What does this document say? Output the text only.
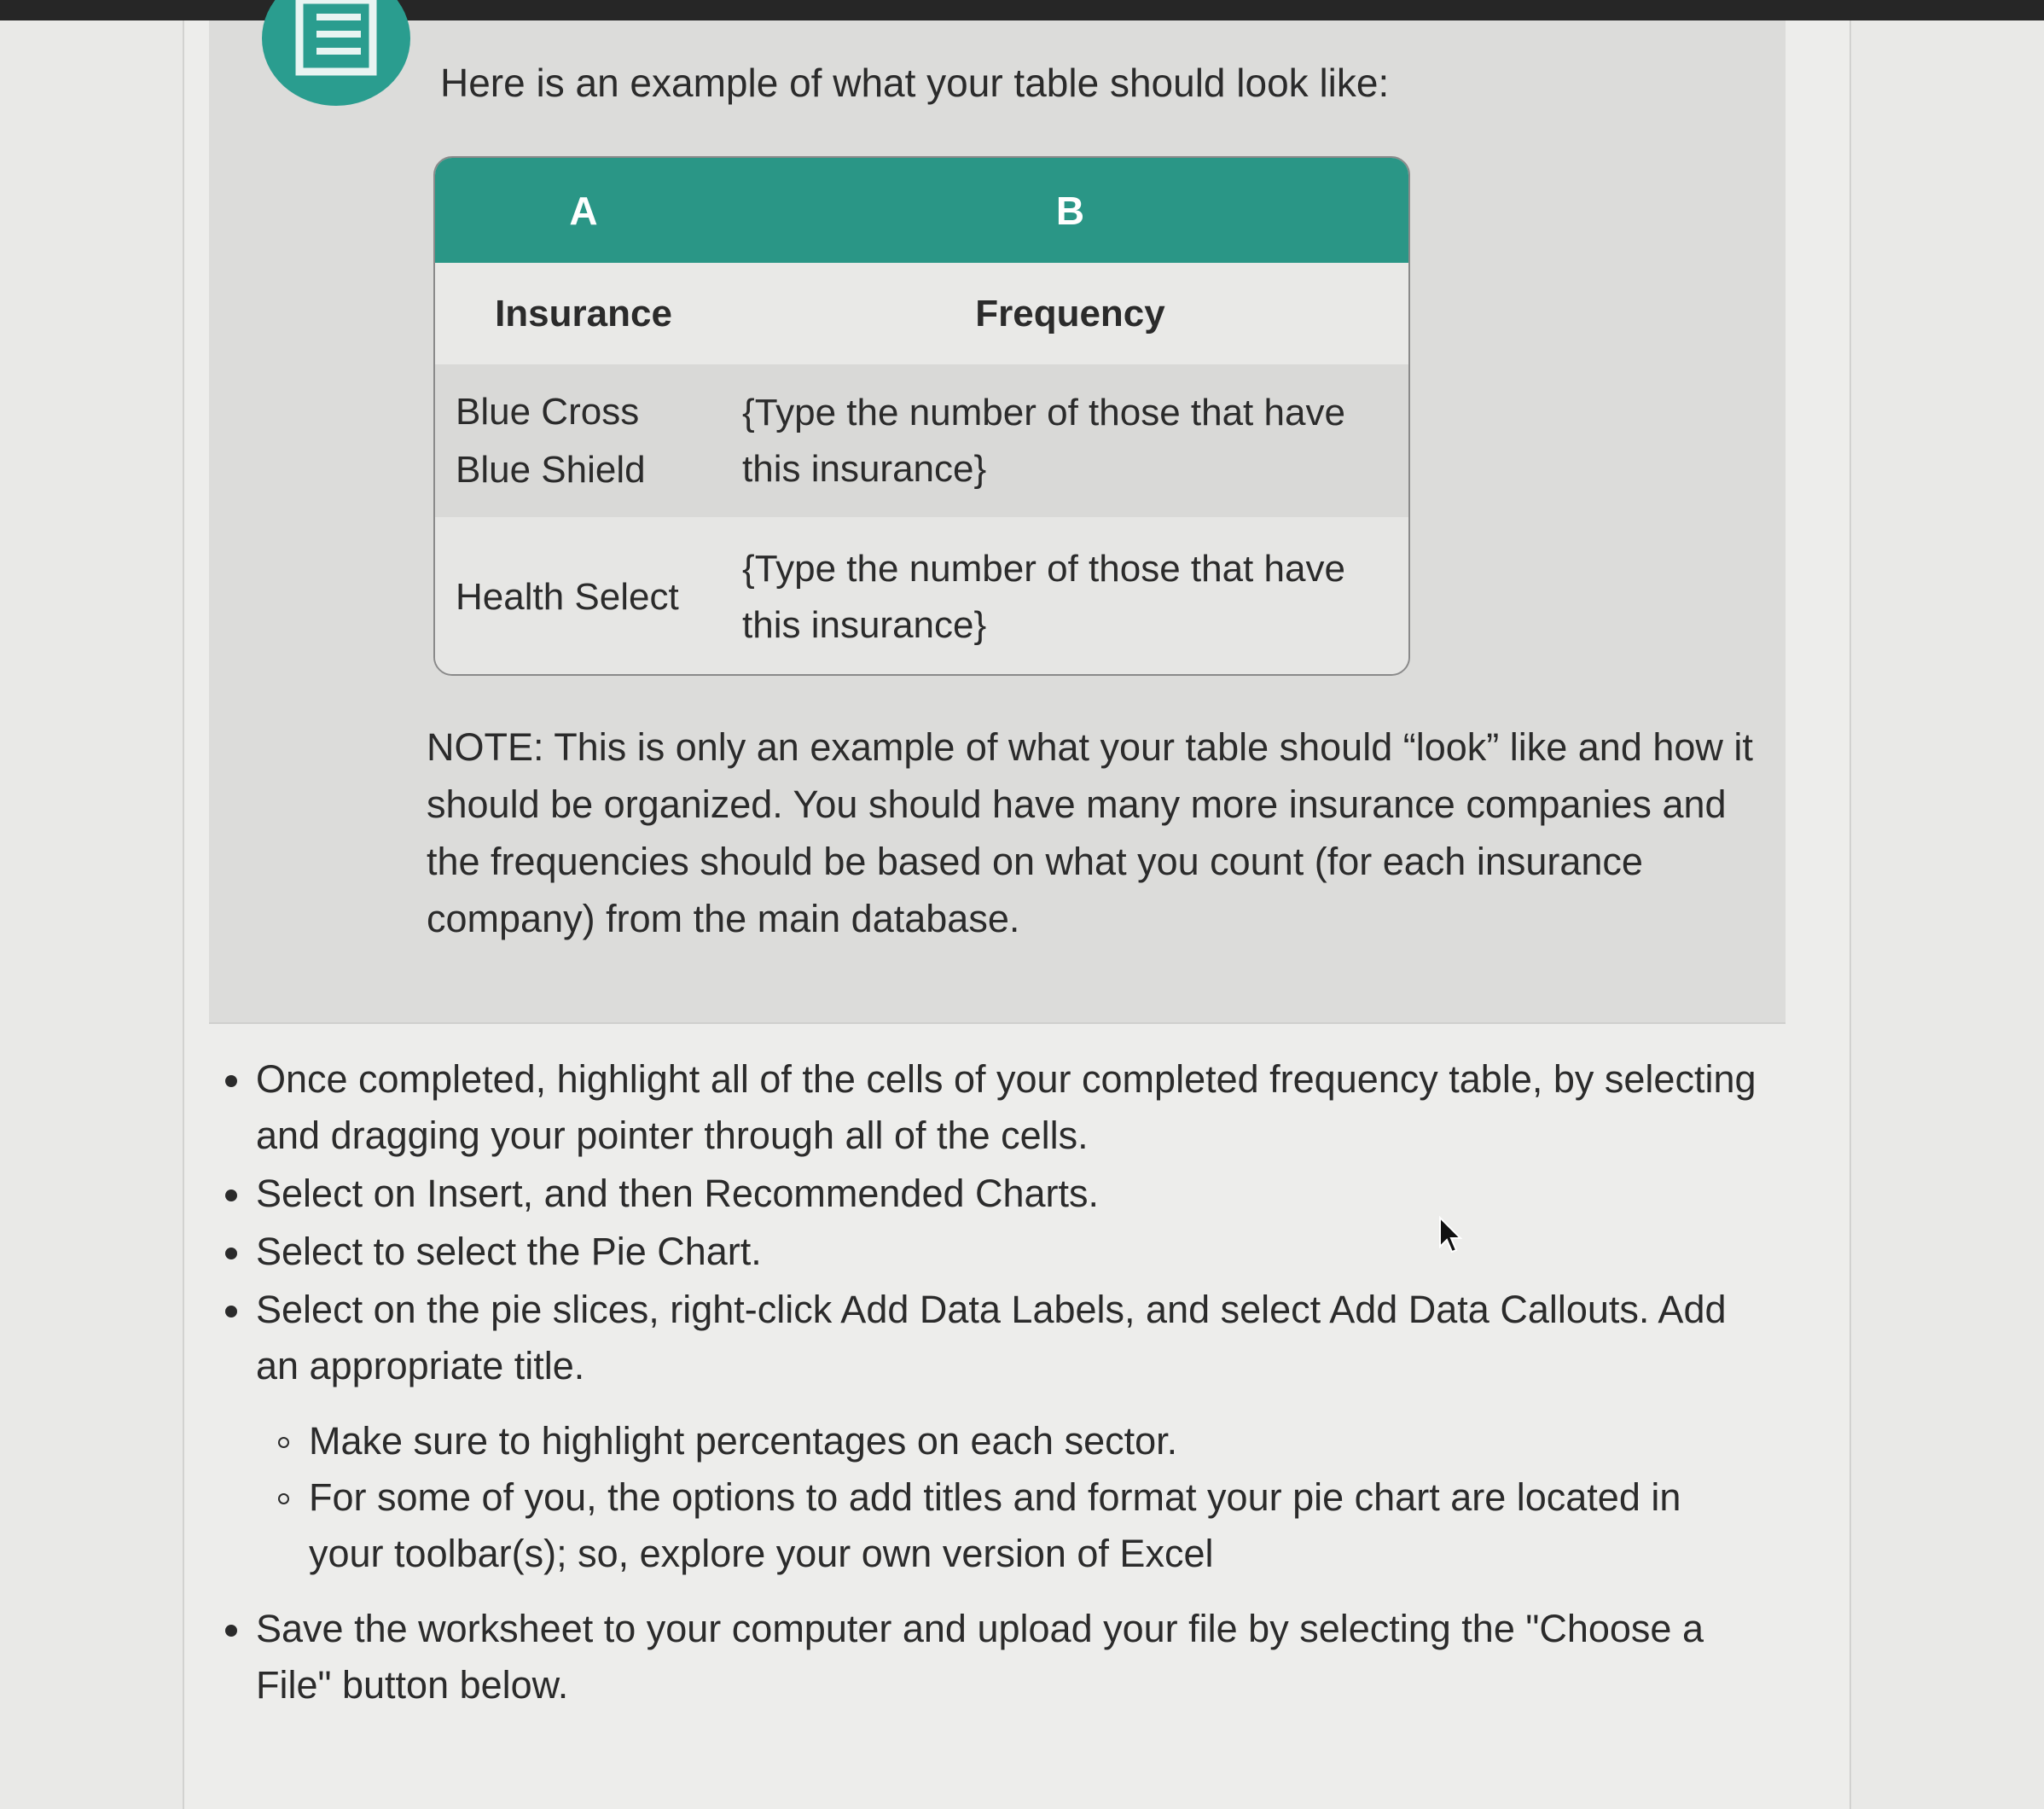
Here is an example of what your table should look like:
A	B
Insurance	Frequency
Blue Cross
Blue Shield
{Type the number of those that have this insurance}
Health Select
{Type the number of those that have this insurance}
NOTE: This is only an example of what your table should “look” like and how it should be organized. You should have many more insurance companies and the frequencies should be based on what you count (for each insurance company) from the main database.
Once completed, highlight all of the cells of your completed frequency table, by selecting and dragging your pointer through all of the cells.
Select on Insert, and then Recommended Charts.
Select to select the Pie Chart.
Select on the pie slices, right-click Add Data Labels, and select Add Data Callouts. Add an appropriate title.
Make sure to highlight percentages on each sector.
For some of you, the options to add titles and format your pie chart are located in your toolbar(s); so, explore your own version of Excel
Save the worksheet to your computer and upload your file by selecting the "Choose a File" button below.
